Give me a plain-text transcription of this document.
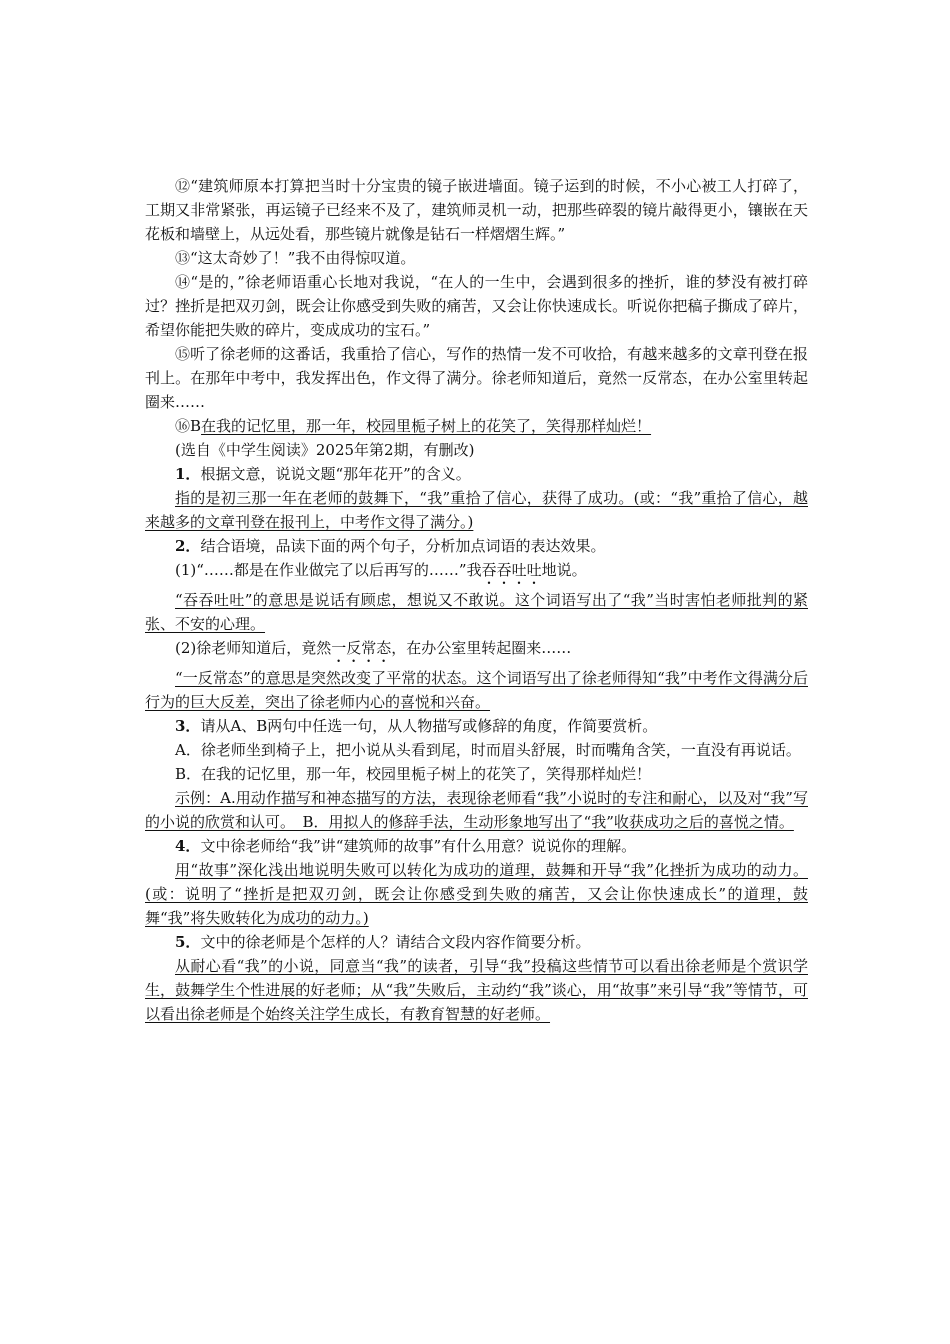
⑫“建筑师原本打算把当时十分宝贵的镜子嵌进墙面。镜子运到的时候，不小心被工人打碎了，工期又非常紧张，再运镜子已经来不及了，建筑师灵机一动，把那些碎裂的镜片敲得更小，镶嵌在天花板和墙壁上，从远处看，那些镜片就像是钻石一样熠熠生辉。”

⑬“这太奇妙了！”我不由得惊叹道。

⑭“是的，”徐老师语重心长地对我说，“在人的一生中，会遇到很多的挫折，谁的梦没有被打碎过？挫折是把双刃剑，既会让你感受到失败的痛苦，又会让你快速成长。听说你把稿子撕成了碎片，希望你能把失败的碎片，变成成功的宝石。”

⑮听了徐老师的这番话，我重拾了信心，写作的热情一发不可收拾，有越来越多的文章刊登在报刊上。在那年中考中，我发挥出色，作文得了满分。徐老师知道后，竟然一反常态，在办公室里转起圈来……

⑯B在我的记忆里，那一年，校园里栀子树上的花笑了，笑得那样灿烂！

(选自《中学生阅读》2025年第2期，有删改)

1．根据文意，说说文题“那年花开”的含义。

指的是初三那一年在老师的鼓舞下，“我”重拾了信心，获得了成功。(或：“我”重拾了信心，越来越多的文章刊登在报刊上，中考作文得了满分。)

2．结合语境，品读下面的两个句子，分析加点词语的表达效果。

(1)“……都是在作业做完了以后再写的……”我吞吞吐吐地说。

“吞吞吐吐”的意思是说话有顾虑，想说又不敢说。这个词语写出了“我”当时害怕老师批判的紧张、不安的心理。

(2)徐老师知道后，竟然一反常态，在办公室里转起圈来……

“一反常态”的意思是突然改变了平常的状态。这个词语写出了徐老师得知“我”中考作文得满分后行为的巨大反差，突出了徐老师内心的喜悦和兴奋。

3．请从A、B两句中任选一句，从人物描写或修辞的角度，作简要赏析。

A．徐老师坐到椅子上，把小说从头看到尾，时而眉头舒展，时而嘴角含笑，一直没有再说话。

B．在我的记忆里，那一年，校园里栀子树上的花笑了，笑得那样灿烂！

示例：A.用动作描写和神态描写的方法，表现徐老师看“我”小说时的专注和耐心，以及对“我”写的小说的欣赏和认可。　B．用拟人的修辞手法，生动形象地写出了“我”收获成功之后的喜悦之情。

4．文中徐老师给“我”讲“建筑师的故事”有什么用意？说说你的理解。

用“故事”深化浅出地说明失败可以转化为成功的道理，鼓舞和开导“我”化挫折为成功的动力。(或：说明了“挫折是把双刃剑，既会让你感受到失败的痛苦，又会让你快速成长”的道理，鼓舞“我”将失败转化为成功的动力。)

5．文中的徐老师是个怎样的人？请结合文段内容作简要分析。

从耐心看“我”的小说，同意当“我”的读者，引导“我”投稿这些情节可以看出徐老师是个赏识学生，鼓舞学生个性进展的好老师；从“我”失败后，主动约“我”谈心，用“故事”来引导“我”等情节，可以看出徐老师是个始终关注学生成长，有教育智慧的好老师。
